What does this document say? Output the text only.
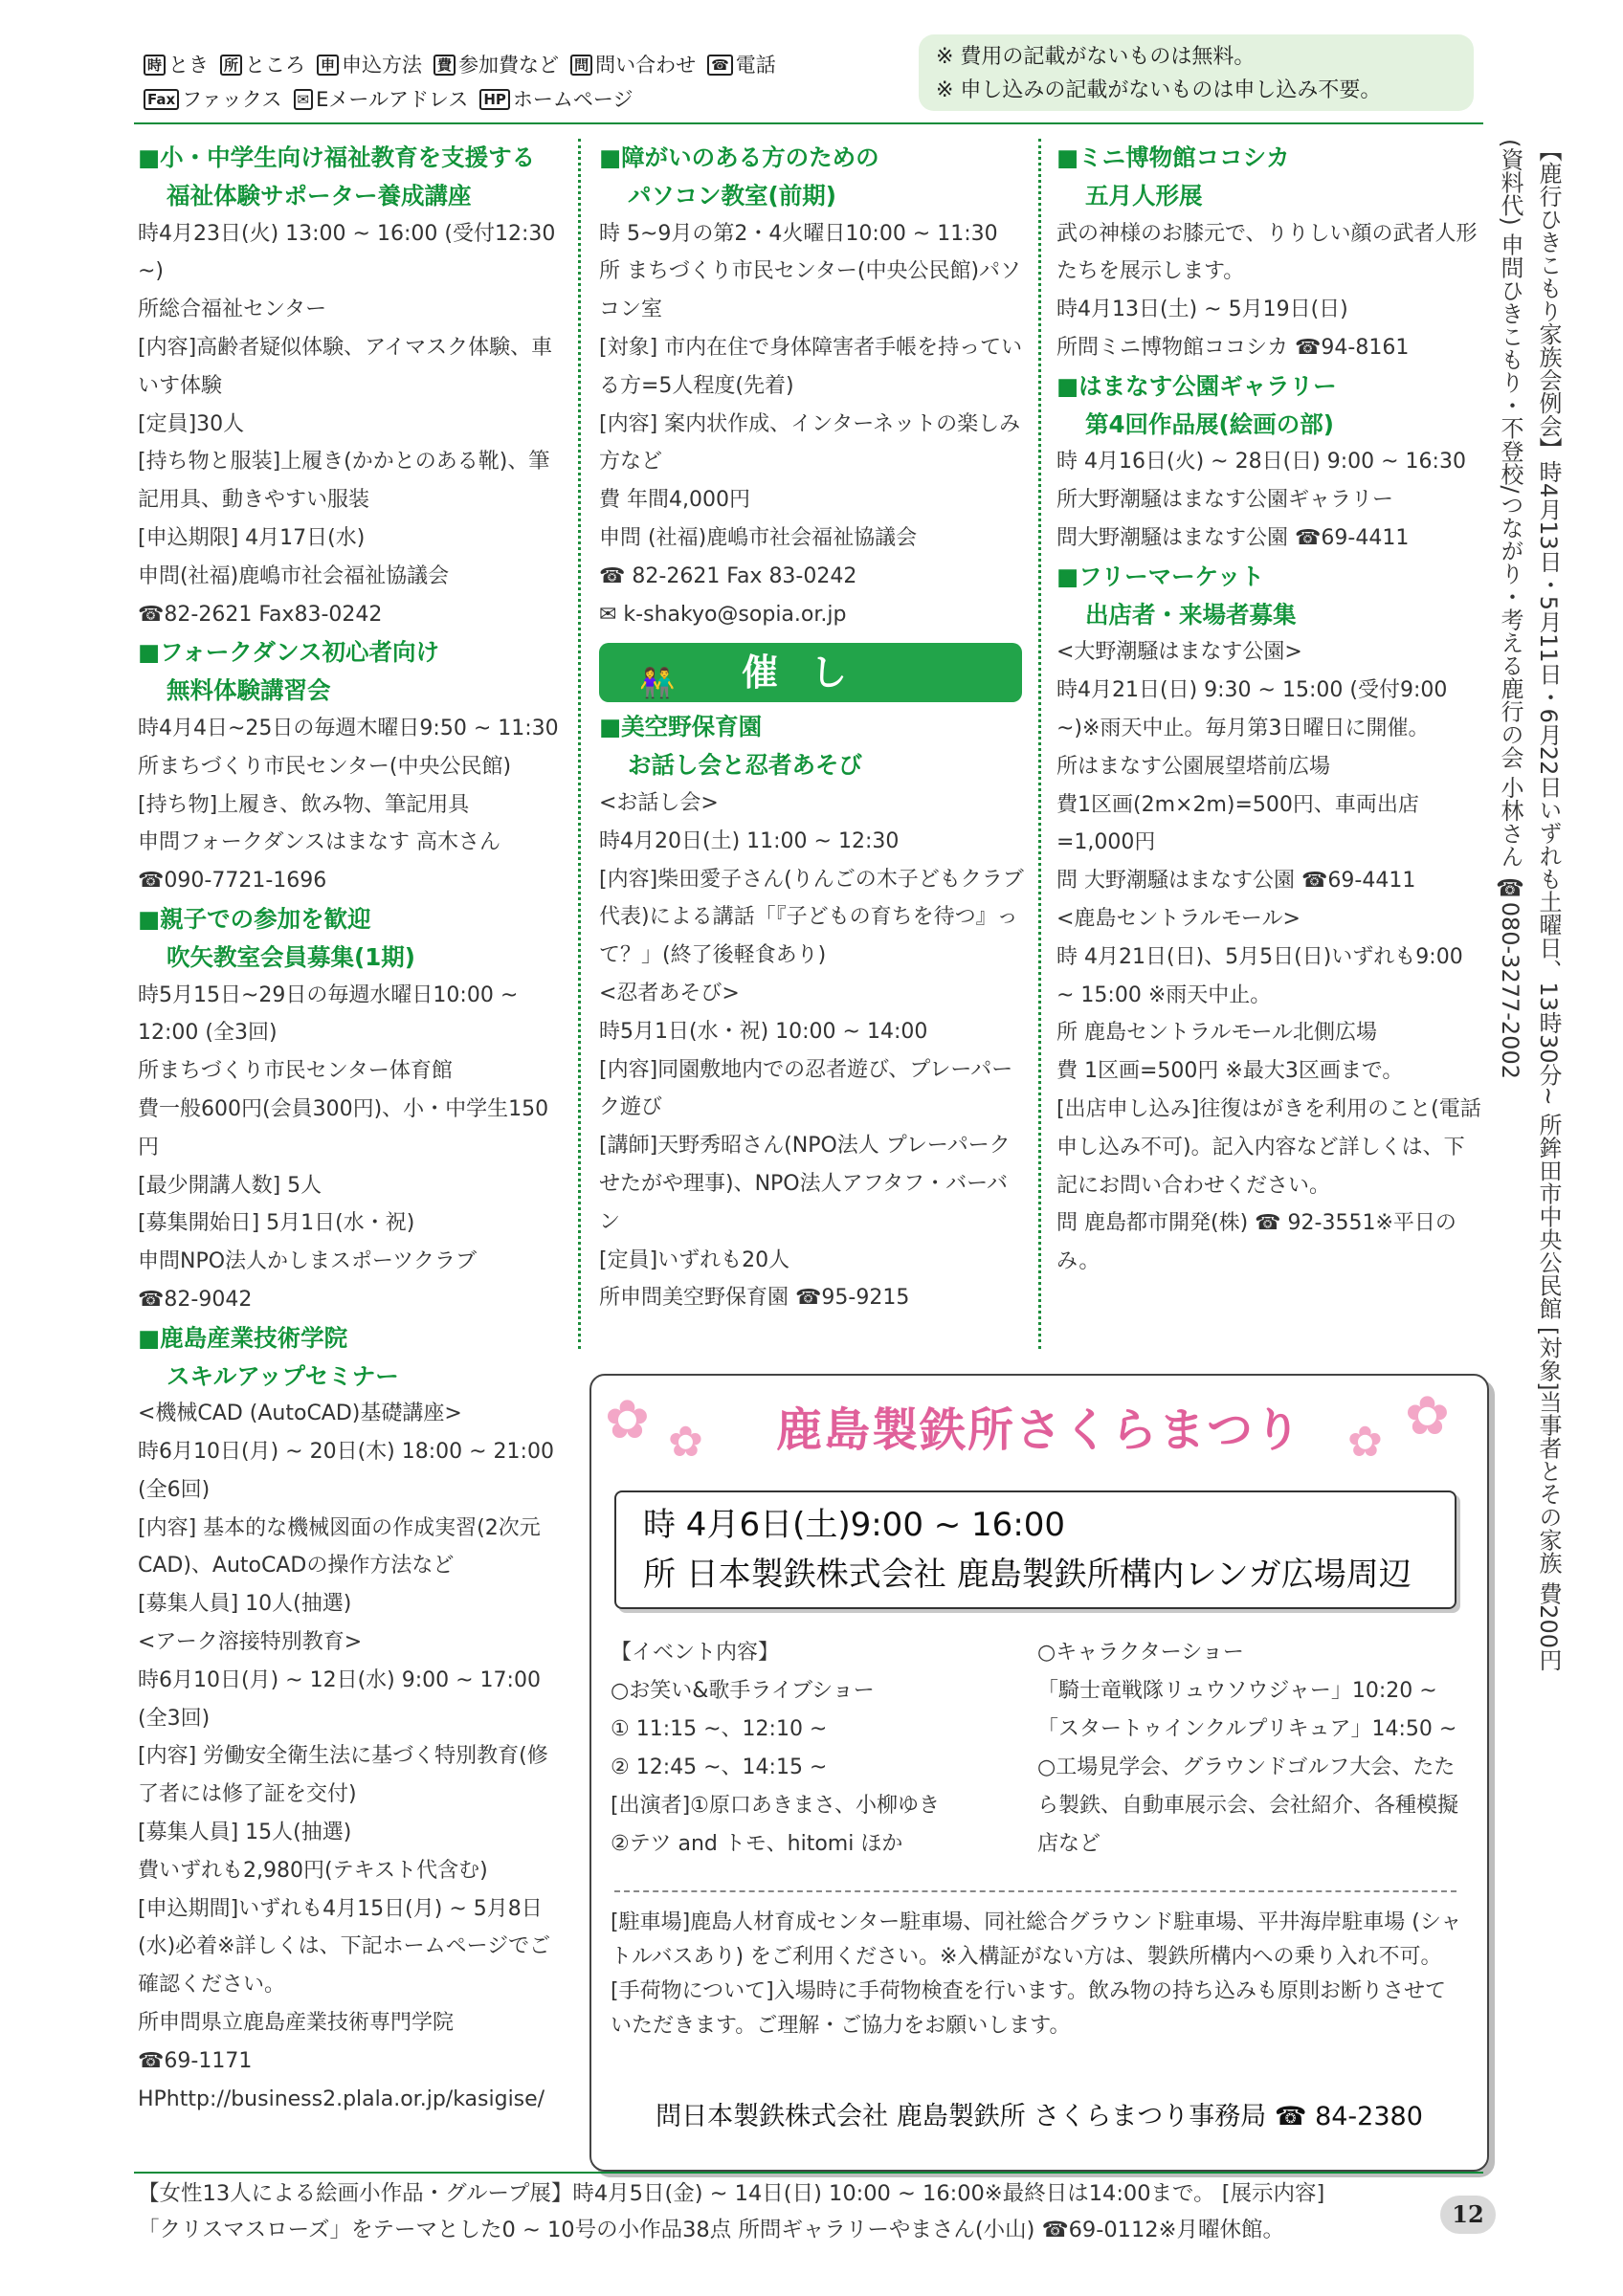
時 とき 所 ところ 申 申込方法 費 参加費など 問 問い合わせ ☎ 電話
Fax ファックス ✉ Eメールアドレス HP ホームページ

※ 費用の記載がないものは無料。

※ 申し込みの記載がないものは申し込み不要。

■小・中学生向け福祉教育を支援する

福祉体験サポーター養成講座

時4月23日(火) 13:00 ~ 16:00 (受付12:30 ~)

所総合福祉センター

[内容]高齢者疑似体験、アイマスク体験、車いす体験

[定員]30人

[持ち物と服装]上履き(かかとのある靴)、筆記用具、動きやすい服装

[申込期限] 4月17日(水)

申問(社福)鹿嶋市社会福祉協議会

☎82-2621 Fax83-0242

■フォークダンス初心者向け

無料体験講習会

時4月4日~25日の毎週木曜日9:50 ~ 11:30

所まちづくり市民センター(中央公民館)

[持ち物]上履き、飲み物、筆記用具

申問フォークダンスはまなす 高木さん ☎090-7721-1696

■親子での参加を歓迎

吹矢教室会員募集(1期)

時5月15日~29日の毎週水曜日10:00 ~ 12:00 (全3回)

所まちづくり市民センター体育館

費一般600円(会員300円)、小・中学生150円

[最少開講人数] 5人

[募集開始日] 5月1日(水・祝)

申問NPO法人かしまスポーツクラブ

☎82-9042

■鹿島産業技術学院

スキルアップセミナー

<機械CAD (AutoCAD)基礎講座>

時6月10日(月) ~ 20日(木) 18:00 ~ 21:00 (全6回)

[内容] 基本的な機械図面の作成実習(2次元CAD)、AutoCADの操作方法など

[募集人員] 10人(抽選)

<アーク溶接特別教育>

時6月10日(月) ~ 12日(水) 9:00 ~ 17:00 (全3回)

[内容] 労働安全衛生法に基づく特別教育(修了者には修了証を交付)

[募集人員] 15人(抽選)

費いずれも2,980円(テキスト代含む)

[申込期間]いずれも4月15日(月) ~ 5月8日(水)必着※詳しくは、下記ホームページでご確認ください。

所申問県立鹿島産業技術専門学院

☎69-1171 HPhttp://business2.plala.or.jp/kasigise/

■障がいのある方のための

パソコン教室(前期)

時 5~9月の第2・4火曜日10:00 ~ 11:30

所 まちづくり市民センター(中央公民館)パソコン室

[対象] 市内在住で身体障害者手帳を持っている方=5人程度(先着)

[内容] 案内状作成、インターネットの楽しみ方など

費 年間4,000円

申問 (社福)鹿嶋市社会福祉協議会

☎ 82-2621 Fax 83-0242

✉ k-shakyo@sopia.or.jp

👫 催し

■美空野保育園

お話し会と忍者あそび

<お話し会>

時4月20日(土) 11:00 ~ 12:30

[内容]柴田愛子さん(りんごの木子どもクラブ代表)による講話「『子どもの育ちを待つ』って？」(終了後軽食あり)

<忍者あそび>

時5月1日(水・祝) 10:00 ~ 14:00

[内容]同園敷地内での忍者遊び、プレーパーク遊び

[講師]天野秀昭さん(NPO法人 プレーパークせたがや理事)、NPO法人アフタフ・バーバン

[定員]いずれも20人

所申問美空野保育園 ☎95-9215

■ミニ博物館ココシカ

五月人形展

武の神様のお膝元で、りりしい顔の武者人形たちを展示します。

時4月13日(土) ~ 5月19日(日)

所問ミニ博物館ココシカ ☎94-8161

■はまなす公園ギャラリー

第4回作品展(絵画の部)

時 4月16日(火) ~ 28日(日) 9:00 ~ 16:30

所大野潮騒はまなす公園ギャラリー

問大野潮騒はまなす公園 ☎69-4411

■フリーマーケット

出店者・来場者募集

<大野潮騒はまなす公園>

時4月21日(日) 9:30 ~ 15:00 (受付9:00 ~)※雨天中止。毎月第3日曜日に開催。

所はまなす公園展望塔前広場

費1区画(2m×2m)=500円、車両出店=1,000円

問 大野潮騒はまなす公園 ☎69-4411

<鹿島セントラルモール>

時 4月21日(日)、5月5日(日)いずれも9:00 ~ 15:00 ※雨天中止。

所 鹿島セントラルモール北側広場

費 1区画=500円 ※最大3区画まで。

[出店申し込み]往復はがきを利用のこと(電話申し込み不可)。記入内容など詳しくは、下記にお問い合わせください。

問 鹿島都市開発(株) ☎ 92-3551※平日のみ。	【鹿行ひきこもり家族会例会】時4月13日・5月11日・6月22日いずれも土曜日、13時30分~ 所鉾田市中央公民館 [対象]当事者とその家族 費200円(資料代) 申問ひきこもり・不登校/つながり・考える鹿行の会 小林さん ☎080-3277-2002
✿ ✿	✿ ✿
鹿島製鉄所さくらまつり
時 4月6日(土)9:00 ~ 16:00
所 日本製鉄株式会社 鹿島製鉄所構内レンガ広場周辺

【イベント内容】

○お笑い&歌手ライブショー

① 11:15 ~、12:10 ~

② 12:45 ~、14:15 ~

[出演者]①原口あきまさ、小柳ゆき

②テツ and トモ、hitomi ほか

○キャラクターショー

「騎士竜戦隊リュウソウジャー」10:20 ~

「スタートゥインクルプリキュア」14:50 ~

○工場見学会、グラウンドゴルフ大会、たたら製鉄、自動車展示会、会社紹介、各種模擬店など

[駐車場]鹿島人材育成センター駐車場、同社総合グラウンド駐車場、平井海岸駐車場 (シャトルバスあり) をご利用ください。※入構証がない方は、製鉄所構内への乗り入れ不可。

[手荷物について]入場時に手荷物検査を行います。飲み物の持ち込みも原則お断りさせていただきます。ご理解・ご協力をお願いします。

問日本製鉄株式会社 鹿島製鉄所 さくらまつり事務局 ☎ 84-2380

【女性13人による絵画小作品・グループ展】時4月5日(金) ~ 14日(日) 10:00 ~ 16:00※最終日は14:00まで。 [展示内容]

「クリスマスローズ」をテーマとした0 ~ 10号の小作品38点 所問ギャラリーやまさん(小山) ☎69-0112※月曜休館。

12
